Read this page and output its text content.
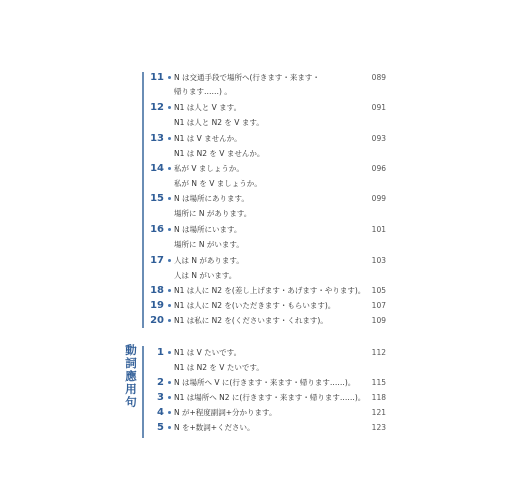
動詞應用句
11 N は交通手段で場所へ(行きます・来ます・
帰ります……) 。
089
12 N1 は人と V ます。
N1 は人と N2 を V ます。
091
13 N1 は V ませんか。
N1 は N2 を V ませんか。
093
14 私が V ましょうか。
私が N を V ましょうか。
096
15 N は場所にあります。
場所に N があります。
099
16 N は場所にいます。
場所に N がいます。
101
17 人は N があります。
人は N がいます。
103
18 N1 は人に N2 を(差し上げます・あげます・やります)。 105
19 N1 は人に N2 を(いただきます・もらいます)。	107
20 N1 は私に N2 を(くださいます・くれます)。	109
1 N1 は V たいです。
N1 は N2 を V たいです。
112
2 N は場所へ V に(行きます・来ます・帰ります……)。	115
3 N1 は場所へ N2 に(行きます・来ます・帰ります……)。 118
4 N が+程度副詞+分かります。	121
5 N を+数詞+ください。	123
